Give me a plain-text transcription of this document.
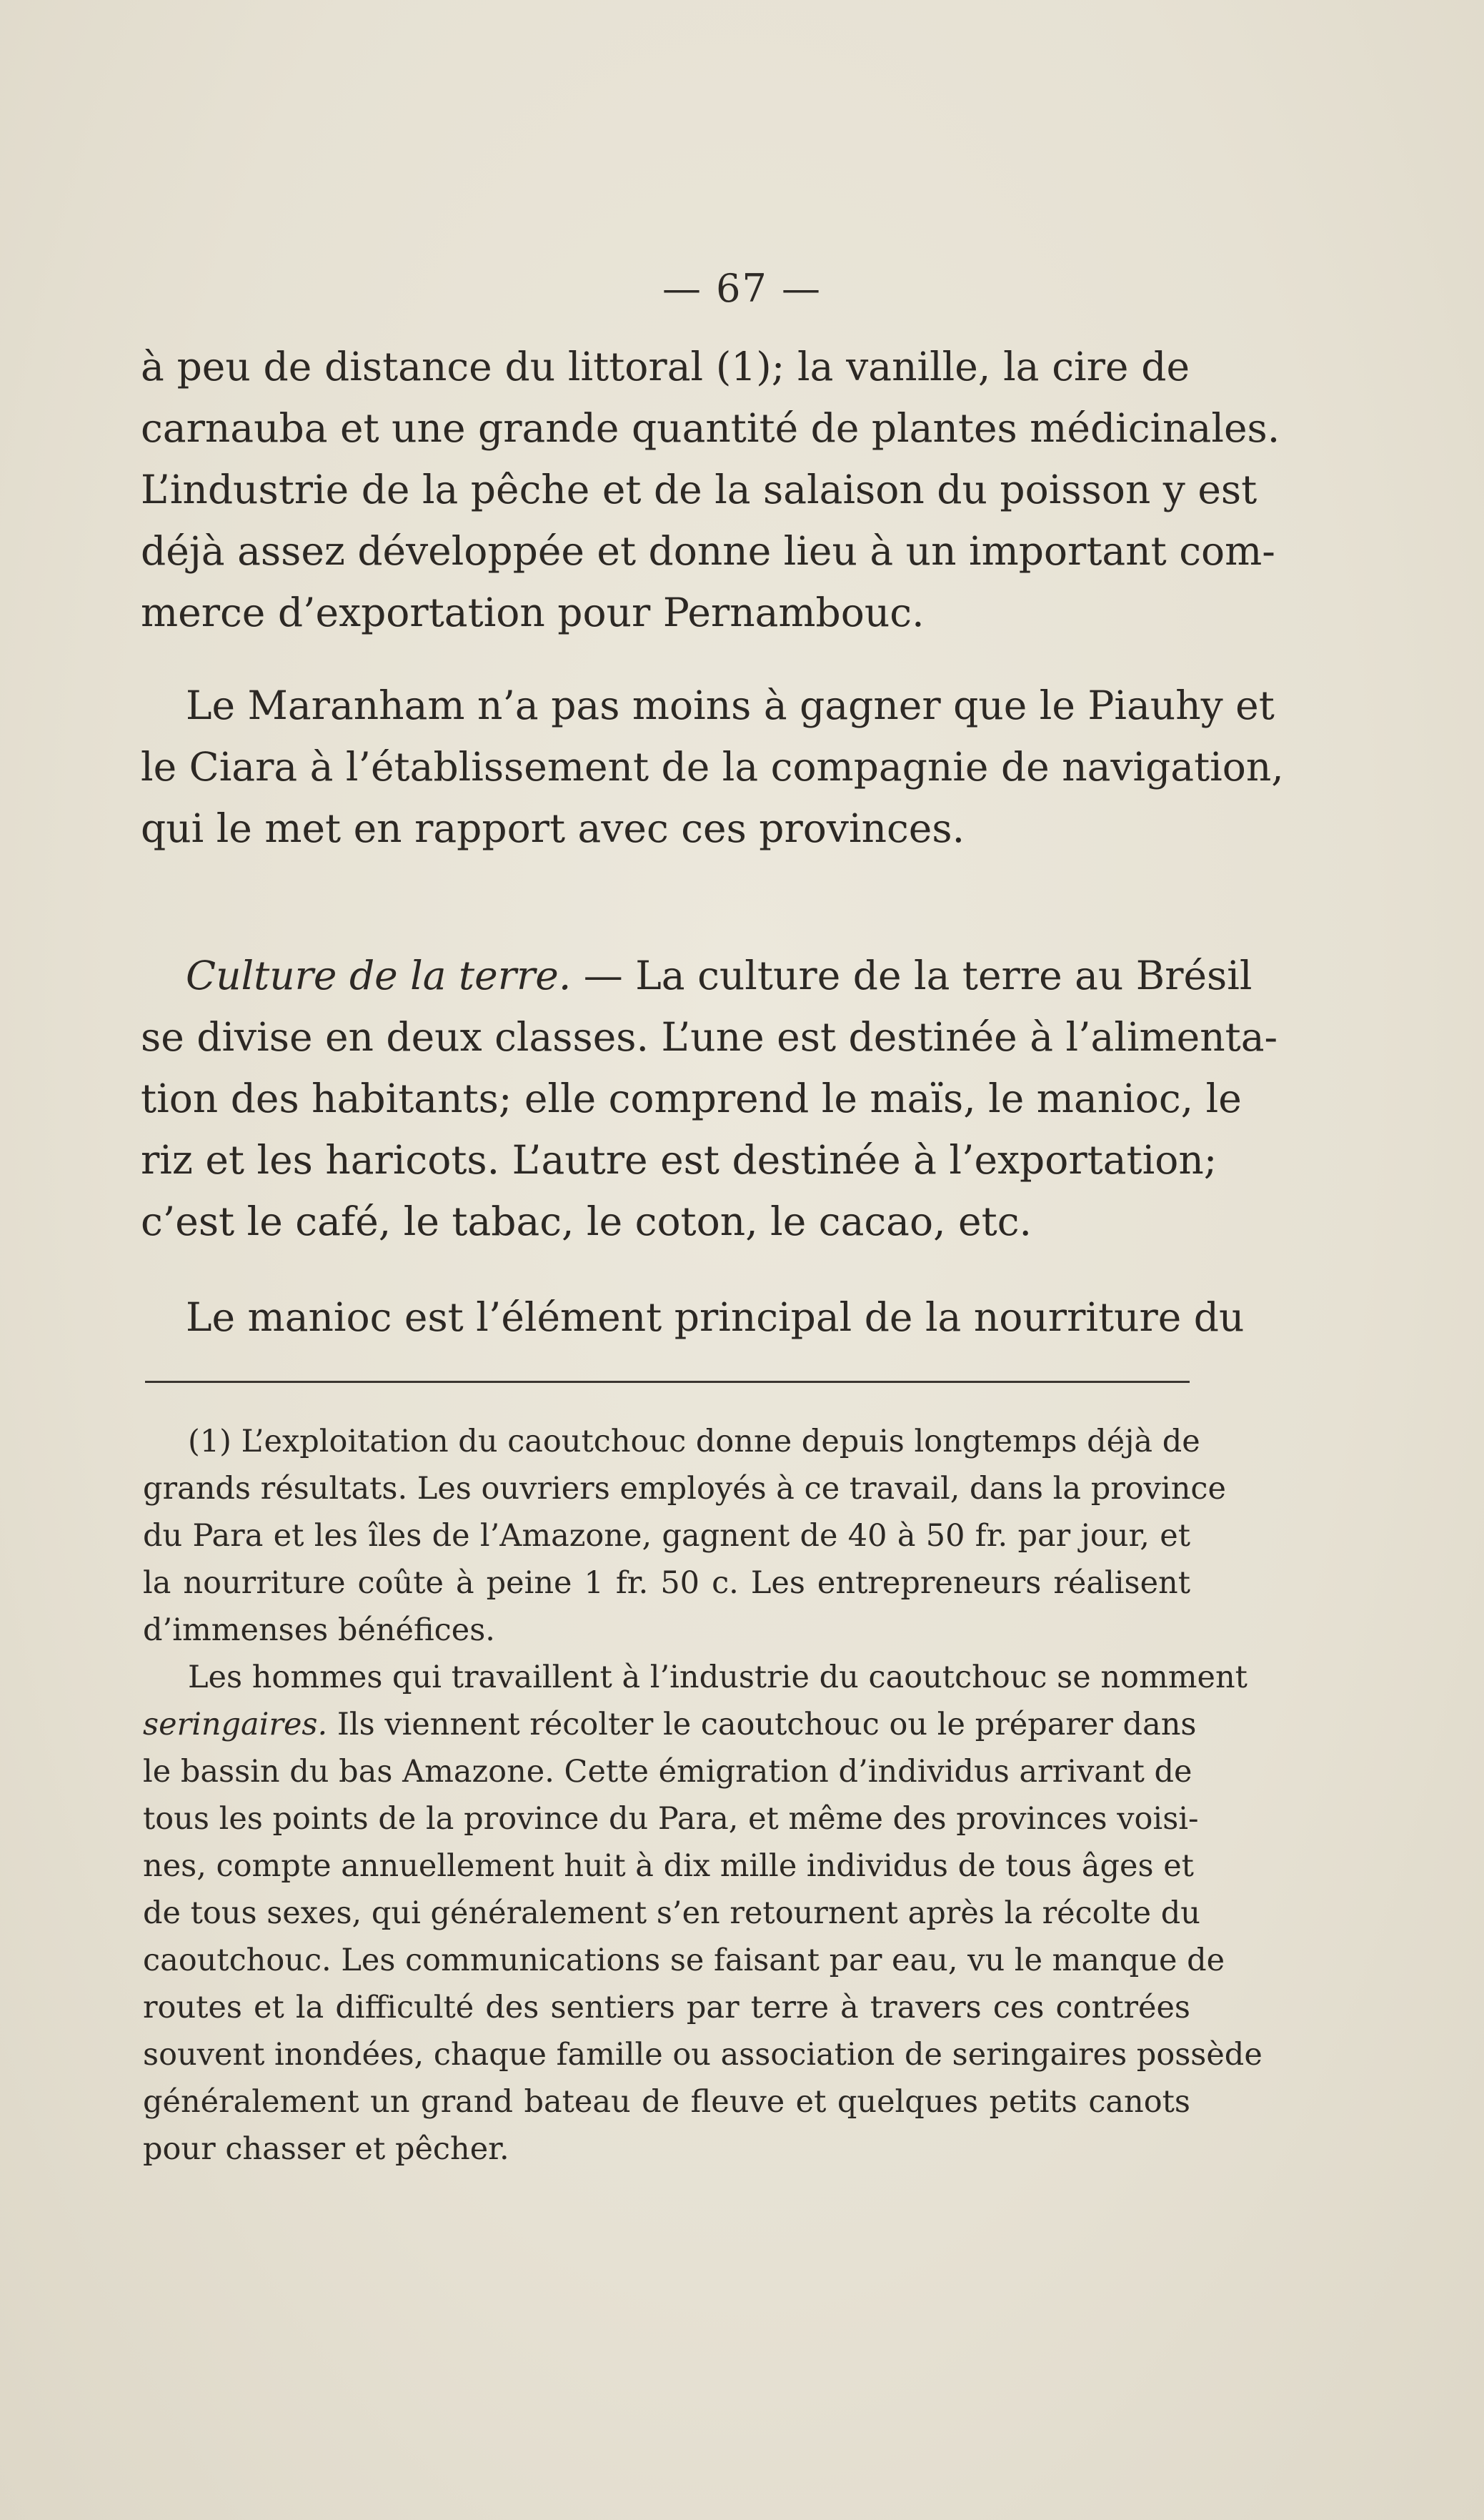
— 67 —
à peu de distance du littoral (1); la vanille, la cire de
carnauba et une grande quantité de plantes médicinales.
L’industrie de la pêche et de la salaison du poisson y est
déjà assez développée et donne lieu à un important com-
merce d’exportation pour Pernambouc.
Le Maranham n’a pas moins à gagner que le Piauhy et
le Ciara à l’établissement de la compagnie de navigation,
qui le met en rapport avec ces provinces.
Culture de la terre. — La culture de la terre au Brésil
se divise en deux classes. L’une est destinée à l’alimenta-
tion des habitants; elle comprend le maïs, le manioc, le
riz et les haricots. L’autre est destinée à l’exportation;
c’est le café, le tabac, le coton, le cacao, etc.
Le manioc est l’élément principal de la nourriture du
(1) L’exploitation du caoutchouc donne depuis longtemps déjà de
grands résultats. Les ouvriers employés à ce travail, dans la province
du Para et les îles de l’Amazone, gagnent de 40 à 50 fr. par jour, et
la nourriture coûte à peine 1 fr. 50 c. Les entrepreneurs réalisent
d’immenses bénéfices.
Les hommes qui travaillent à l’industrie du caoutchouc se nomment
seringaires. Ils viennent récolter le caoutchouc ou le préparer dans
le bassin du bas Amazone. Cette émigration d’individus arrivant de
tous les points de la province du Para, et même des provinces voisi-
nes, compte annuellement huit à dix mille individus de tous âges et
de tous sexes, qui généralement s’en retournent après la récolte du
caoutchouc. Les communications se faisant par eau, vu le manque de
routes et la difficulté des sentiers par terre à travers ces contrées
souvent inondées, chaque famille ou association de seringaires possède
généralement un grand bateau de fleuve et quelques petits canots
pour chasser et pêcher.
